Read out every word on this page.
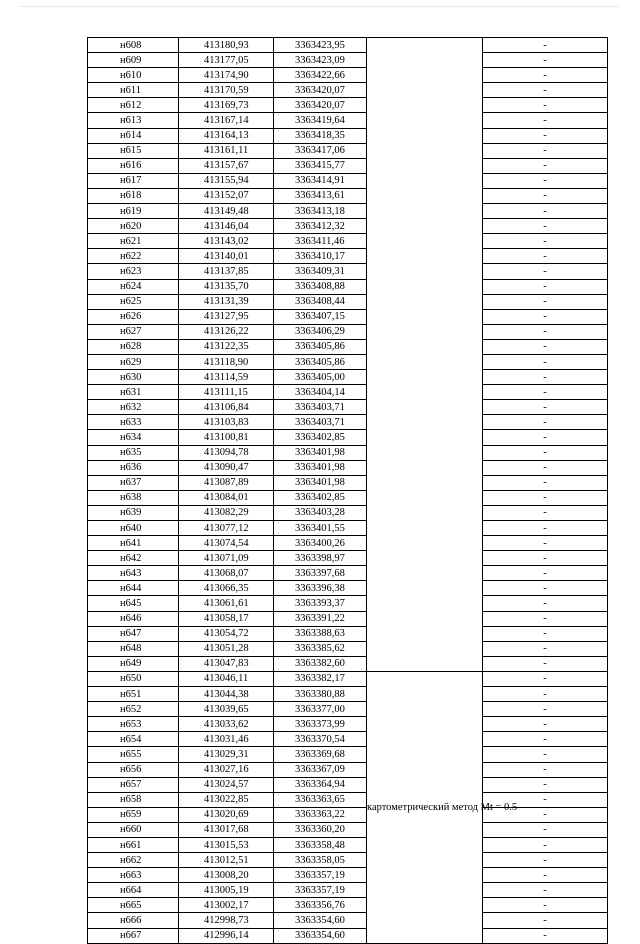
н608	413180,93	3363423,95		-
н609	413177,05	3363423,09		-
н610	413174,90	3363422,66		-
н611	413170,59	3363420,07		-
н612	413169,73	3363420,07		-
н613	413167,14	3363419,64		-
н614	413164,13	3363418,35		-
н615	413161,11	3363417,06		-
н616	413157,67	3363415,77		-
н617	413155,94	3363414,91		-
н618	413152,07	3363413,61		-
н619	413149,48	3363413,18		-
н620	413146,04	3363412,32		-
н621	413143,02	3363411,46		-
н622	413140,01	3363410,17		-
н623	413137,85	3363409,31		-
н624	413135,70	3363408,88		-
н625	413131,39	3363408,44		-
н626	413127,95	3363407,15		-
н627	413126,22	3363406,29		-
н628	413122,35	3363405,86		-
н629	413118,90	3363405,86		-
н630	413114,59	3363405,00		-
н631	413111,15	3363404,14		-
н632	413106,84	3363403,71		-
н633	413103,83	3363403,71		-
н634	413100,81	3363402,85		-
н635	413094,78	3363401,98		-
н636	413090,47	3363401,98		-
н637	413087,89	3363401,98		-
н638	413084,01	3363402,85		-
н639	413082,29	3363403,28		-
н640	413077,12	3363401,55		-
н641	413074,54	3363400,26		-
н642	413071,09	3363398,97		-
н643	413068,07	3363397,68		-
н644	413066,35	3363396,38		-
н645	413061,61	3363393,37		-
н646	413058,17	3363391,22		-
н647	413054,72	3363388,63		-
н648	413051,28	3363385,62		-
н649	413047,83	3363382,60		-
н650	413046,11	3363382,17	картометрический метод Mt = 0.5	-
н651	413044,38	3363380,88		-
н652	413039,65	3363377,00		-
н653	413033,62	3363373,99		-
н654	413031,46	3363370,54		-
н655	413029,31	3363369,68		-
н656	413027,16	3363367,09		-
н657	413024,57	3363364,94		-
н658	413022,85	3363363,65		-
н659	413020,69	3363363,22		-
н660	413017,68	3363360,20		-
н661	413015,53	3363358,48		-
н662	413012,51	3363358,05		-
н663	413008,20	3363357,19		-
н664	413005,19	3363357,19		-
н665	413002,17	3363356,76		-
н666	412998,73	3363354,60		-
н667	412996,14	3363354,60		-
